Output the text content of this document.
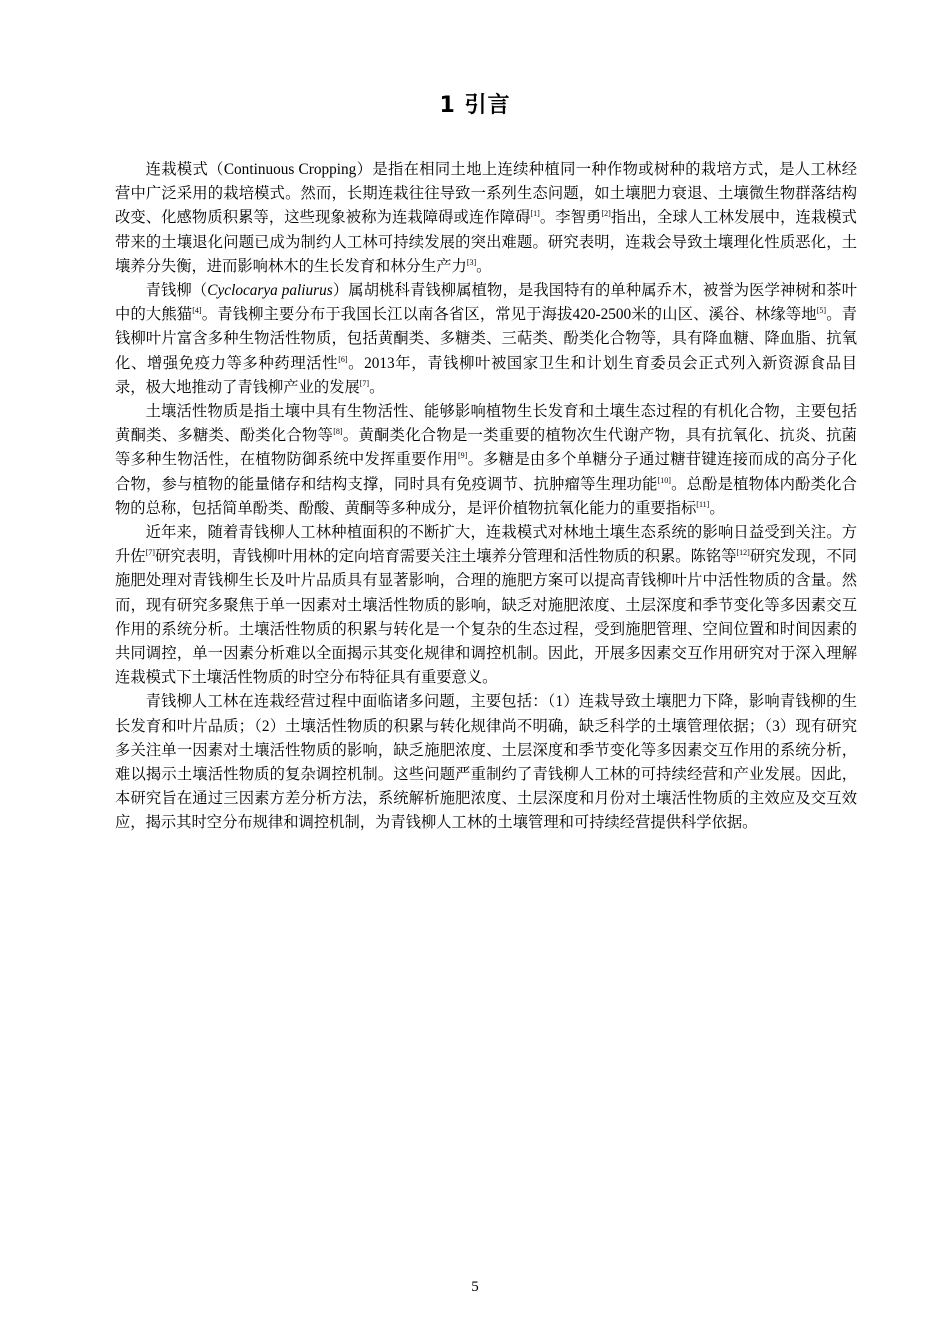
1 引言

连栽模式（Continuous Cropping）是指在相同土地上连续种植同一种作物或树种的栽培方式，是人工林经营中广泛采用的栽培模式。然而，长期连栽往往导致一系列生态问题，如土壤肥力衰退、土壤微生物群落结构改变、化感物质积累等，这些现象被称为连栽障碍或连作障碍[1]。李智勇[2]指出，全球人工林发展中，连栽模式带来的土壤退化问题已成为制约人工林可持续发展的突出难题。研究表明，连栽会导致土壤理化性质恶化，土壤养分失衡，进而影响林木的生长发育和林分生产力[3]。

青钱柳（Cyclocarya paliurus）属胡桃科青钱柳属植物，是我国特有的单种属乔木，被誉为医学神树和茶叶中的大熊猫[4]。青钱柳主要分布于我国长江以南各省区，常见于海拔420-2500米的山区、溪谷、林缘等地[5]。青钱柳叶片富含多种生物活性物质，包括黄酮类、多糖类、三萜类、酚类化合物等，具有降血糖、降血脂、抗氧化、增强免疫力等多种药理活性[6]。2013年，青钱柳叶被国家卫生和计划生育委员会正式列入新资源食品目录，极大地推动了青钱柳产业的发展[7]。

土壤活性物质是指土壤中具有生物活性、能够影响植物生长发育和土壤生态过程的有机化合物，主要包括黄酮类、多糖类、酚类化合物等[8]。黄酮类化合物是一类重要的植物次生代谢产物，具有抗氧化、抗炎、抗菌等多种生物活性，在植物防御系统中发挥重要作用[9]。多糖是由多个单糖分子通过糖苷键连接而成的高分子化合物，参与植物的能量储存和结构支撑，同时具有免疫调节、抗肿瘤等生理功能[10]。总酚是植物体内酚类化合物的总称，包括简单酚类、酚酸、黄酮等多种成分，是评价植物抗氧化能力的重要指标[11]。

近年来，随着青钱柳人工林种植面积的不断扩大，连栽模式对林地土壤生态系统的影响日益受到关注。方升佐[7]研究表明，青钱柳叶用林的定向培育需要关注土壤养分管理和活性物质的积累。陈铭等[12]研究发现，不同施肥处理对青钱柳生长及叶片品质具有显著影响，合理的施肥方案可以提高青钱柳叶片中活性物质的含量。然而，现有研究多聚焦于单一因素对土壤活性物质的影响，缺乏对施肥浓度、土层深度和季节变化等多因素交互作用的系统分析。土壤活性物质的积累与转化是一个复杂的生态过程，受到施肥管理、空间位置和时间因素的共同调控，单一因素分析难以全面揭示其变化规律和调控机制。因此，开展多因素交互作用研究对于深入理解连栽模式下土壤活性物质的时空分布特征具有重要意义。

青钱柳人工林在连栽经营过程中面临诸多问题，主要包括：（1）连栽导致土壤肥力下降，影响青钱柳的生长发育和叶片品质；（2）土壤活性物质的积累与转化规律尚不明确，缺乏科学的土壤管理依据；（3）现有研究多关注单一因素对土壤活性物质的影响，缺乏施肥浓度、土层深度和季节变化等多因素交互作用的系统分析，难以揭示土壤活性物质的复杂调控机制。这些问题严重制约了青钱柳人工林的可持续经营和产业发展。因此，本研究旨在通过三因素方差分析方法，系统解析施肥浓度、土层深度和月份对土壤活性物质的主效应及交互效应，揭示其时空分布规律和调控机制，为青钱柳人工林的土壤管理和可持续经营提供科学依据。

5
